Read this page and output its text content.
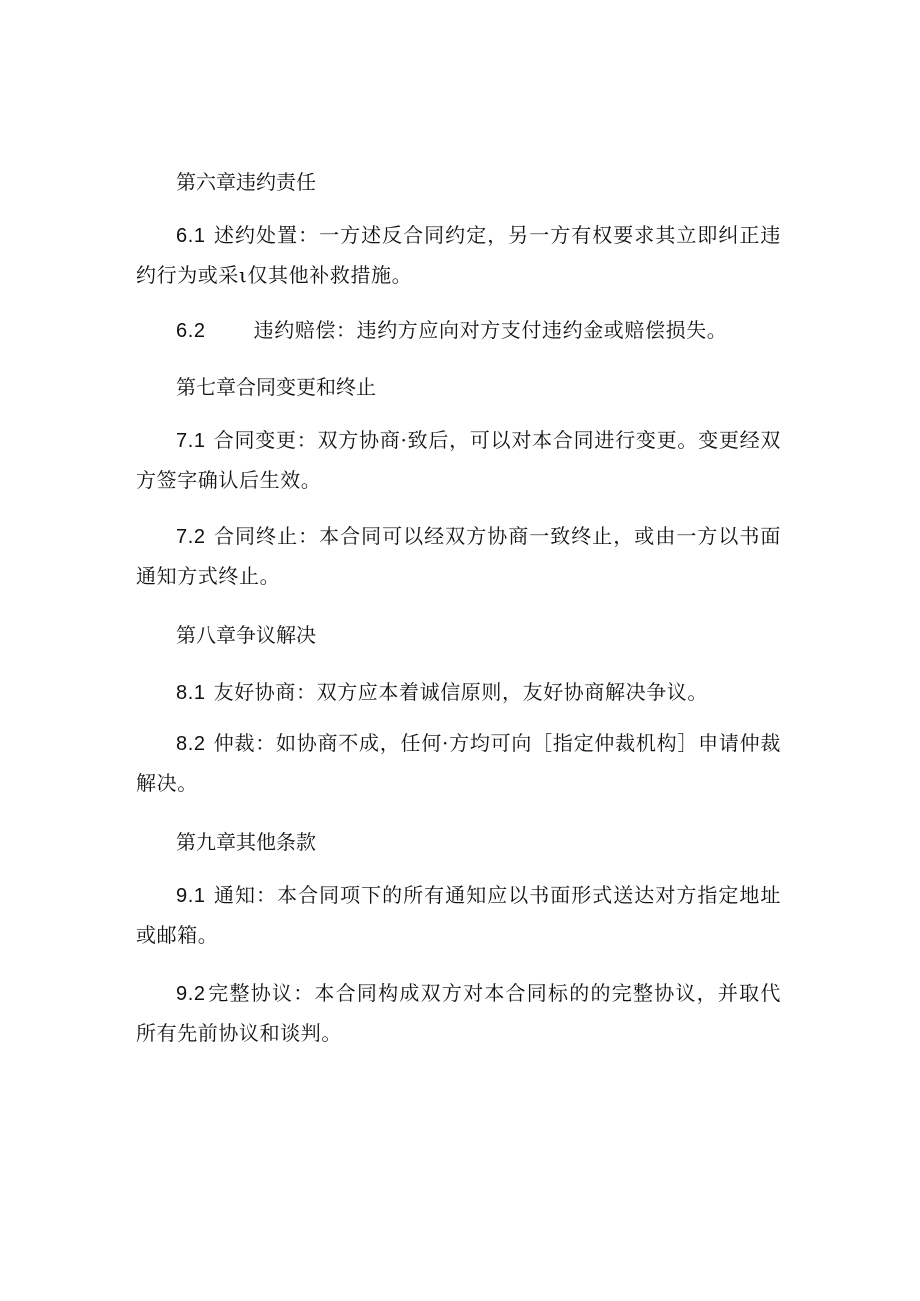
第六章违约责任
6.1 述约处置：一方述反合同约定，另一方有权要求其立即纠正违约行为或采ι仅其他补救措施。
6.2 违约赔偿：违约方应向对方支付违约金或赔偿损失。
第七章合同变更和终止
7.1 合同变更：双方协商·致后，可以对本合同进行变更。变更经双方签字确认后生效。
7.2 合同终止：本合同可以经双方协商一致终止，或由一方以书面通知方式终止。
第八章争议解决
8.1 友好协商：双方应本着诚信原则，友好协商解决争议。
8.2 仲裁：如协商不成，任何·方均可向［指定仲裁机构］申请仲裁解决。
第九章其他条款
9.1 通知：本合同项下的所有通知应以书面形式送达对方指定地址或邮箱。
9.2 完整协议：本合同构成双方对本合同标的的完整协议，并取代所有先前协议和谈判。
